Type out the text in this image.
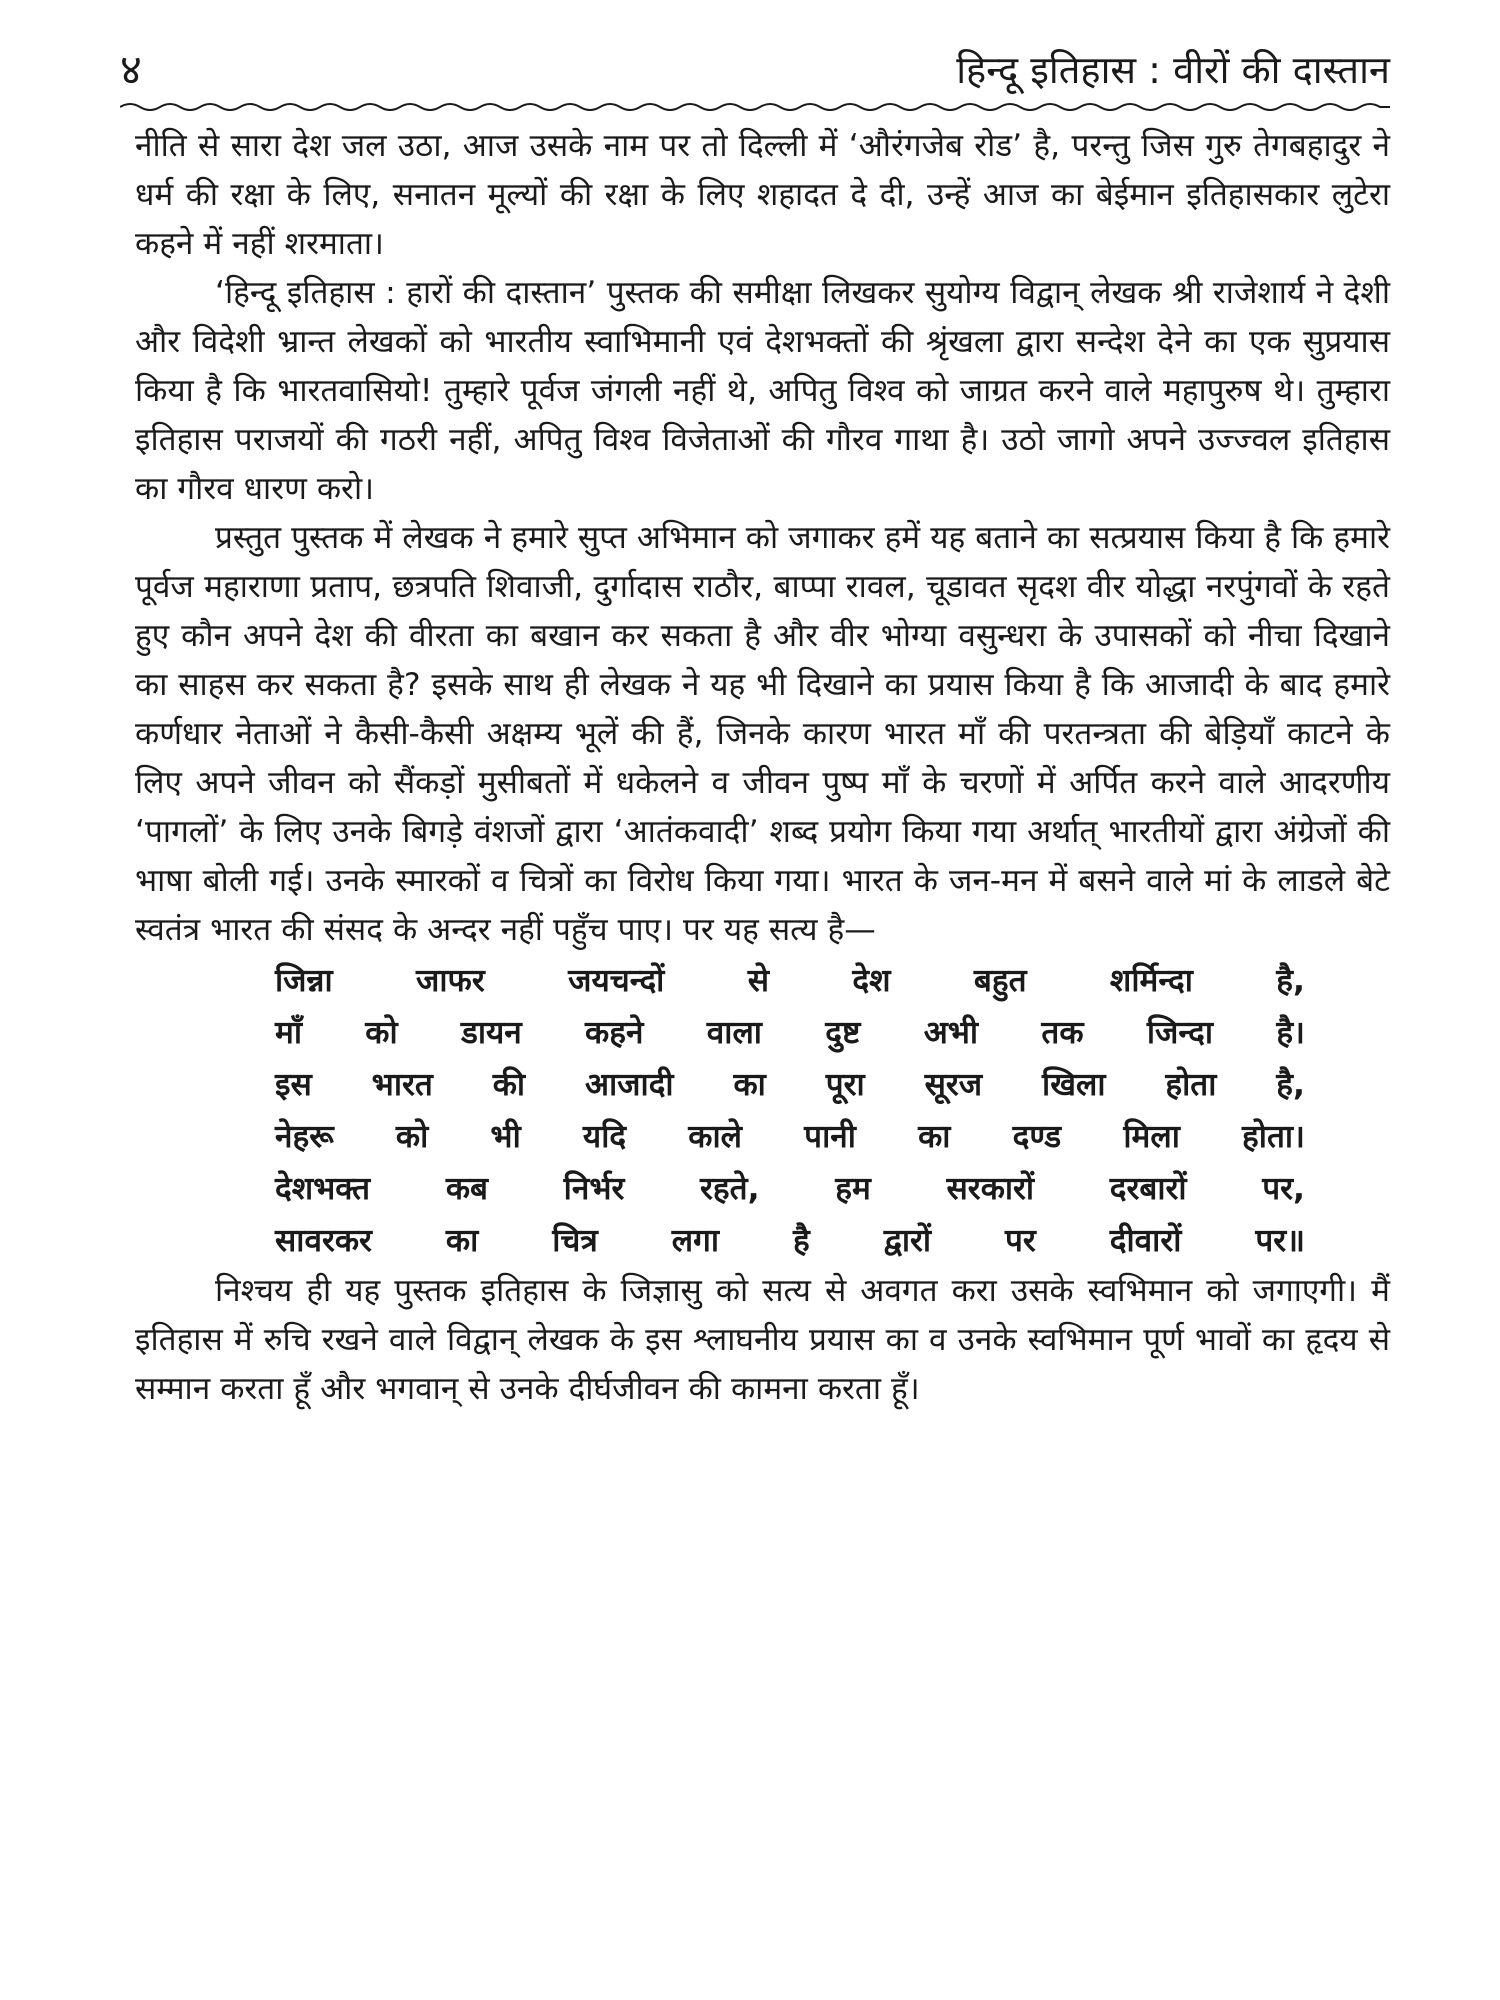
४	हिन्दू इतिहास : वीरों की दास्तान

नीति से सारा देश जल उठा, आज उसके नाम पर तो दिल्ली में ‘औरंगजेब रोड’ है, परन्तु जिस गुरु तेगबहादुर ने धर्म की रक्षा के लिए, सनातन मूल्यों की रक्षा के लिए शहादत दे दी, उन्हें आज का बेईमान इतिहासकार लुटेरा कहने में नहीं शरमाता।

‘हिन्दू इतिहास : हारों की दास्तान’ पुस्तक की समीक्षा लिखकर सुयोग्य विद्वान् लेखक श्री राजेशार्य ने देशी और विदेशी भ्रान्त लेखकों को भारतीय स्वाभिमानी एवं देशभक्तों की श्रृंखला द्वारा सन्देश देने का एक सुप्रयास किया है कि भारतवासियो! तुम्हारे पूर्वज जंगली नहीं थे, अपितु विश्व को जाग्रत करने वाले महापुरुष थे। तुम्हारा इतिहास पराजयों की गठरी नहीं, अपितु विश्व विजेताओं की गौरव गाथा है। उठो जागो अपने उज्ज्वल इतिहास का गौरव धारण करो।

प्रस्तुत पुस्तक में लेखक ने हमारे सुप्त अभिमान को जगाकर हमें यह बताने का सत्प्रयास किया है कि हमारे पूर्वज महाराणा प्रताप, छत्रपति शिवाजी, दुर्गादास राठौर, बाप्पा रावल, चूडावत सृदश वीर योद्धा नरपुंगवों के रहते हुए कौन अपने देश की वीरता का बखान कर सकता है और वीर भोग्या वसुन्धरा के उपासकों को नीचा दिखाने का साहस कर सकता है? इसके साथ ही लेखक ने यह भी दिखाने का प्रयास किया है कि आजादी के बाद हमारे कर्णधार नेताओं ने कैसी-कैसी अक्षम्य भूलें की हैं, जिनके कारण भारत माँ की परतन्त्रता की बेड़ियाँ काटने के लिए अपने जीवन को सैंकड़ों मुसीबतों में धकेलने व जीवन पुष्प माँ के चरणों में अर्पित करने वाले आदरणीय ‘पागलों’ के लिए उनके बिगड़े वंशजों द्वारा ‘आतंकवादी’ शब्द प्रयोग किया गया अर्थात् भारतीयों द्वारा अंग्रेजों की भाषा बोली गई। उनके स्मारकों व चित्रों का विरोध किया गया। भारत के जन-मन में बसने वाले मां के लाडले बेटे स्वतंत्र भारत की संसद के अन्दर नहीं पहुँच पाए। पर यह सत्य है—

जिन्ना जाफर जयचन्दों से देश बहुत शर्मिन्दा है,
माँ को डायन कहने वाला दुष्ट अभी तक जिन्दा है।
इस भारत की आजादी का पूरा सूरज खिला होता है,
नेहरू को भी यदि काले पानी का दण्ड मिला होता।
देशभक्त कब निर्भर रहते, हम सरकारों दरबारों पर,
सावरकर का चित्र लगा है द्वारों पर दीवारों पर॥

निश्चय ही यह पुस्तक इतिहास के जिज्ञासु को सत्य से अवगत करा उसके स्वभिमान को जगाएगी। मैं इतिहास में रुचि रखने वाले विद्वान् लेखक के इस श्लाघनीय प्रयास का व उनके स्वभिमान पूर्ण भावों का हृदय से सम्मान करता हूँ और भगवान् से उनके दीर्घजीवन की कामना करता हूँ।
